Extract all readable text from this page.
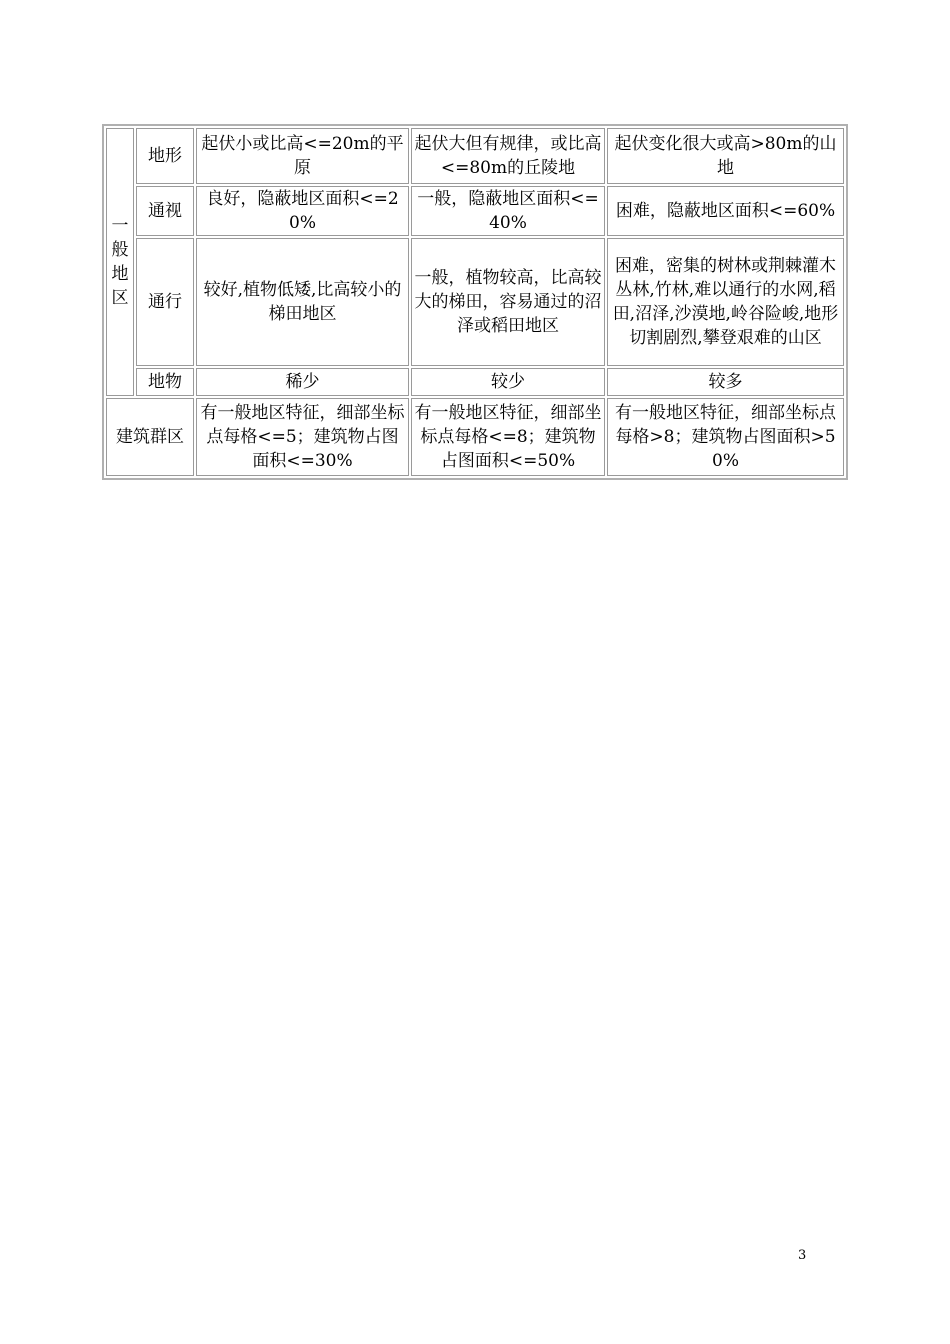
一
般
地
区	地形	起伏小或比高<=20m的平原	起伏大但有规律，或比高<=80m的丘陵地	起伏变化很大或高>80m的山地
	通视	良好，隐蔽地区面积<=20%	一般，隐蔽地区面积<=40%	困难，隐蔽地区面积<=60%
	通行	较好,植物低矮,比高较小的梯田地区	一般，植物较高，比高较大的梯田，容易通过的沼泽或稻田地区	困难，密集的树林或荆棘灌木丛林,竹林,难以通行的水网,稻田,沼泽,沙漠地,岭谷险峻,地形切割剧烈,攀登艰难的山区
	地物	稀少	较少	较多
建筑群区		有一般地区特征，细部坐标点每格<=5；建筑物占图面积<=30%	有一般地区特征，细部坐标点每格<=8；建筑物占图面积<=50%	有一般地区特征，细部坐标点每格>8；建筑物占图面积>50%
3
